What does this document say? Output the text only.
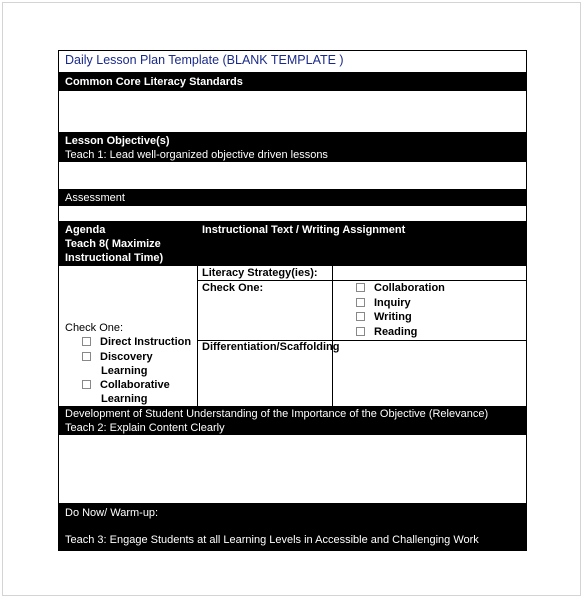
Daily Lesson Plan Template (BLANK TEMPLATE )
Common Core Literacy Standards
Lesson Objective(s)
Teach 1: Lead well-organized objective driven lessons
Assessment
Agenda
Teach 8( Maximize
Instructional Time)
Instructional Text / Writing Assignment
Literacy Strategy(ies):
Check One:	Collaboration
Inquiry
Writing
Reading
Differentiation/Scaffolding
Check One:
Direct Instruction
Discovery
Learning
Collaborative
Learning
Development of Student Understanding of the Importance of the Objective (Relevance)
Teach 2: Explain Content Clearly
Do Now/ Warm-up:
Teach 3: Engage Students at all Learning Levels in Accessible and Challenging Work
